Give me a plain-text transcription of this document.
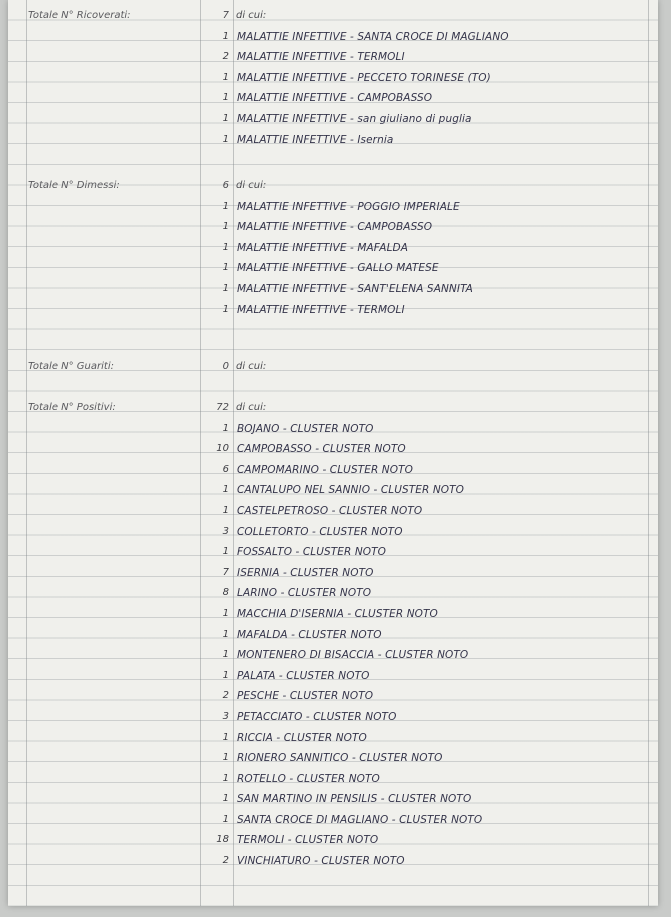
Totale N° Ricoverati:	7 di cui:
1 MALATTIE INFETTIVE - SANTA CROCE DI MAGLIANO
2 MALATTIE INFETTIVE - TERMOLI
1 MALATTIE INFETTIVE - PECCETO TORINESE (TO)
1 MALATTIE INFETTIVE - CAMPOBASSO
1 MALATTIE INFETTIVE - san giuliano di puglia
1 MALATTIE INFETTIVE - Isernia
Totale N° Dimessi:	6 di cui:
1 MALATTIE INFETTIVE - POGGIO IMPERIALE
1 MALATTIE INFETTIVE - CAMPOBASSO
1 MALATTIE INFETTIVE - MAFALDA
1 MALATTIE INFETTIVE - GALLO MATESE
1 MALATTIE INFETTIVE - SANT'ELENA SANNITA
1 MALATTIE INFETTIVE - TERMOLI
Totale N° Guariti:	0 di cui:
Totale N° Positivi:	72 di cui:
1 BOJANO - CLUSTER NOTO
10 CAMPOBASSO - CLUSTER NOTO
6 CAMPOMARINO - CLUSTER NOTO
1 CANTALUPO NEL SANNIO - CLUSTER NOTO
1 CASTELPETROSO - CLUSTER NOTO
3 COLLETORTO - CLUSTER NOTO
1 FOSSALTO - CLUSTER NOTO
7 ISERNIA - CLUSTER NOTO
8 LARINO - CLUSTER NOTO
1 MACCHIA D'ISERNIA - CLUSTER NOTO
1 MAFALDA - CLUSTER NOTO
1 MONTENERO DI BISACCIA - CLUSTER NOTO
1 PALATA - CLUSTER NOTO
2 PESCHE - CLUSTER NOTO
3 PETACCIATO - CLUSTER NOTO
1 RICCIA - CLUSTER NOTO
1 RIONERO SANNITICO - CLUSTER NOTO
1 ROTELLO - CLUSTER NOTO
1 SAN MARTINO IN PENSILIS - CLUSTER NOTO
1 SANTA CROCE DI MAGLIANO - CLUSTER NOTO
18 TERMOLI - CLUSTER NOTO
2 VINCHIATURO - CLUSTER NOTO
